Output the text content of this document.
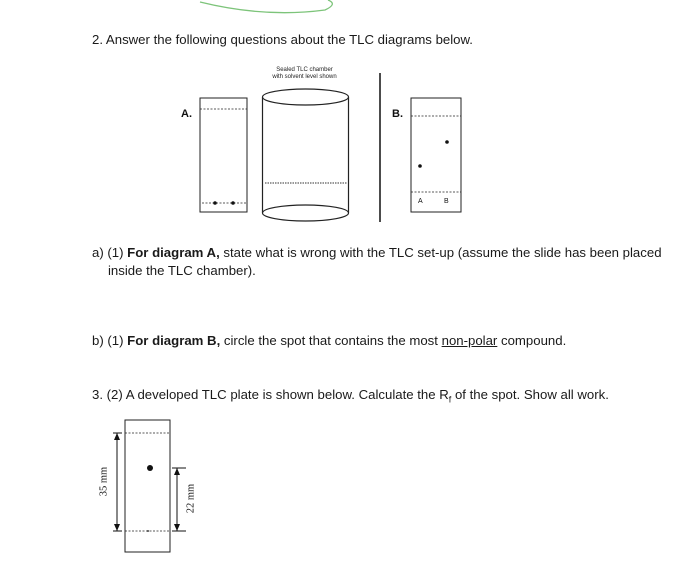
2. Answer the following questions about the TLC diagrams below.
Sealed TLC chamber
with solvent level shown
A.	B.
A	B
a) (1) For diagram A, state what is wrong with the TLC set-up (assume the slide has been placed
inside the TLC chamber).
b) (1) For diagram B, circle the spot that contains the most non-polar compound.
3. (2) A developed TLC plate is shown below. Calculate the $R_f$ of the spot. Show all work.
35 mm
22 mm
